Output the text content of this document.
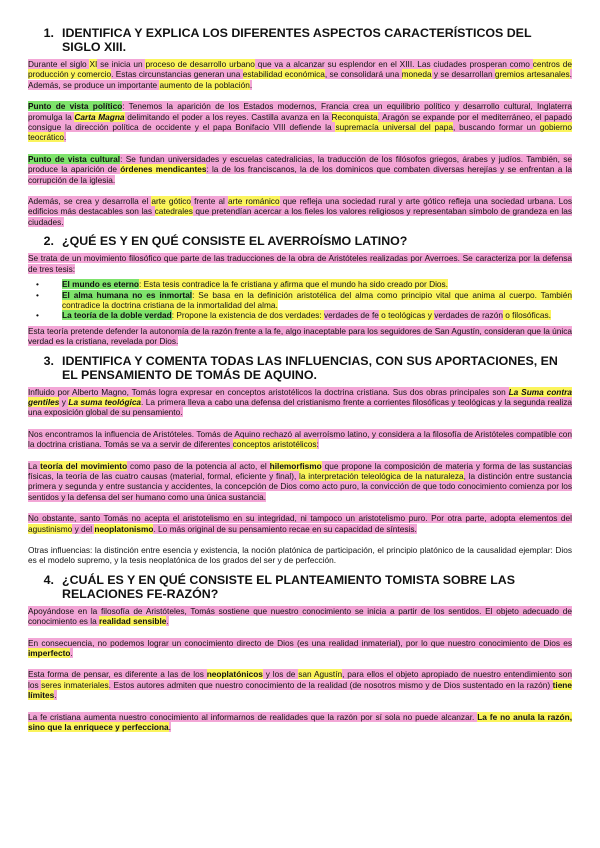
1. IDENTIFICA Y EXPLICA LOS DIFERENTES ASPECTOS CARACTERÍSTICOS DEL SIGLO XIII.

Durante el siglo XI se inicia un proceso de desarrollo urbano que va a alcanzar su esplendor en el XIII. Las ciudades prosperan como centros de producción y comercio. Estas circunstancias generan una estabilidad económica, se consolidará una moneda y se desarrollan gremios artesanales. Además, se produce un importante aumento de la población.

Punto de vista político: Tenemos la aparición de los Estados modernos, Francia crea un equilibrio político y desarrollo cultural, Inglaterra promulga la Carta Magna delimitando el poder a los reyes. Castilla avanza en la Reconquista. Aragón se expande por el mediterráneo, el papado consigue la dirección política de occidente y el papa Bonifacio VIII defiende la supremacía universal del papa, buscando formar un gobierno teocrático.

Punto de vista cultural: Se fundan universidades y escuelas catedralicias, la traducción de los filósofos griegos, árabes y judíos. También, se produce la aparición de órdenes mendicantes: la de los franciscanos, la de los dominicos que combaten diversas herejías y se enfrentan a la corrupción de la iglesia.

Además, se crea y desarrolla el arte gótico frente al arte románico que refleja una sociedad rural y arte gótico refleja una sociedad urbana. Los edificios más destacables son las catedrales que pretendían acercar a los fieles los valores religiosos y representaban símbolo de grandeza en las ciudades.

2. ¿QUÉ ES Y EN QUÉ CONSISTE EL AVERROÍSMO LATINO?

Se trata de un movimiento filosófico que parte de las traducciones de la obra de Aristóteles realizadas por Averroes. Se caracteriza por la defensa de tres tesis:

•	El mundo es eterno: Esta tesis contradice la fe cristiana y afirma que el mundo ha sido creado por Dios.
•	El alma humana no es inmortal: Se basa en la definición aristotélica del alma como principio vital que anima al cuerpo. También contradice la doctrina cristiana de la inmortalidad del alma.
•	La teoría de la doble verdad: Propone la existencia de dos verdades: verdades de fe o teológicas y verdades de razón o filosóficas.

Esta teoría pretende defender la autonomía de la razón frente a la fe, algo inaceptable para los seguidores de San Agustín, consideran que la única verdad es la cristiana, revelada por Dios.

3. IDENTIFICA Y COMENTA TODAS LAS INFLUENCIAS, CON SUS APORTACIONES, EN EL PENSAMIENTO DE TOMÁS DE AQUINO.

Influido por Alberto Magno, Tomás logra expresar en conceptos aristotélicos la doctrina cristiana. Sus dos obras principales son La Suma contra gentiles y La suma teológica. La primera lleva a cabo una defensa del cristianismo frente a corrientes filosóficas y teológicas y la segunda realiza una exposición global de su pensamiento.

Nos encontramos la influencia de Aristóteles. Tomás de Aquino rechazó al averroísmo latino, y considera a la filosofía de Aristóteles compatible con la doctrina cristiana. Tomás se va a servir de diferentes conceptos aristotélicos:

La teoría del movimiento como paso de la potencia al acto, el hilemorfismo que propone la composición de materia y forma de las sustancias físicas, la teoría de las cuatro causas (material, formal, eficiente y final), la interpretación teleológica de la naturaleza, la distinción entre sustancia primera y segunda y entre sustancia y accidentes, la concepción de Dios como acto puro, la convicción de que todo conocimiento comienza por los sentidos y la defensa del ser humano como una única sustancia.

No obstante, santo Tomás no acepta el aristotelismo en su integridad, ni tampoco un aristotelismo puro. Por otra parte, adopta elementos del agustinismo y del neoplatonismo. Lo más original de su pensamiento recae en su capacidad de síntesis.

Otras influencias: la distinción entre esencia y existencia, la noción platónica de participación, el principio platónico de la causalidad ejemplar: Dios es el modelo supremo, y la tesis neoplatónica de los grados del ser y de perfección.

4. ¿CUÁL ES Y EN QUÉ CONSISTE EL PLANTEAMIENTO TOMISTA SOBRE LAS RELACIONES FE-RAZÓN?

Apoyándose en la filosofía de Aristóteles, Tomás sostiene que nuestro conocimiento se inicia a partir de los sentidos. El objeto adecuado de conocimiento es la realidad sensible.

En consecuencia, no podemos lograr un conocimiento directo de Dios (es una realidad inmaterial), por lo que nuestro conocimiento de Dios es imperfecto.

Esta forma de pensar, es diferente a las de los neoplatónicos y los de san Agustín, para ellos el objeto apropiado de nuestro entendimiento son los seres inmateriales. Estos autores admiten que nuestro conocimiento de la realidad (de nosotros mismo y de Dios sustentado en la razón) tiene límites.

La fe cristiana aumenta nuestro conocimiento al informarnos de realidades que la razón por sí sola no puede alcanzar. La fe no anula la razón, sino que la enriquece y perfecciona.
